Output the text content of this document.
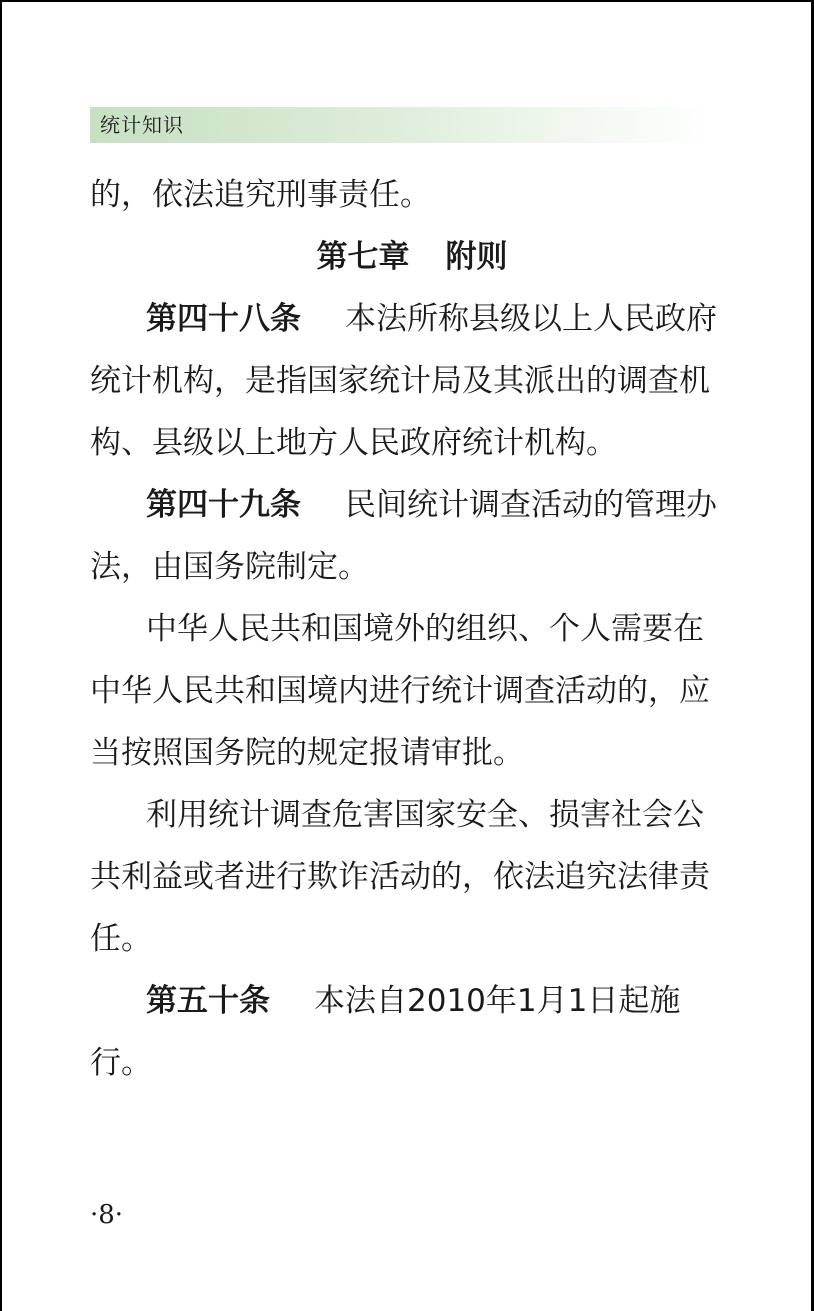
统计知识
的，依法追究刑事责任。
第七章 附则
第四十八条 本法所称县级以上人民政府
统计机构，是指国家统计局及其派出的调查机
构、县级以上地方人民政府统计机构。
第四十九条 民间统计调查活动的管理办
法，由国务院制定。
中华人民共和国境外的组织、个人需要在
中华人民共和国境内进行统计调查活动的，应
当按照国务院的规定报请审批。
利用统计调查危害国家安全、损害社会公
共利益或者进行欺诈活动的，依法追究法律责
任。
第五十条 本法自2010年1月1日起施
行。
·8·
